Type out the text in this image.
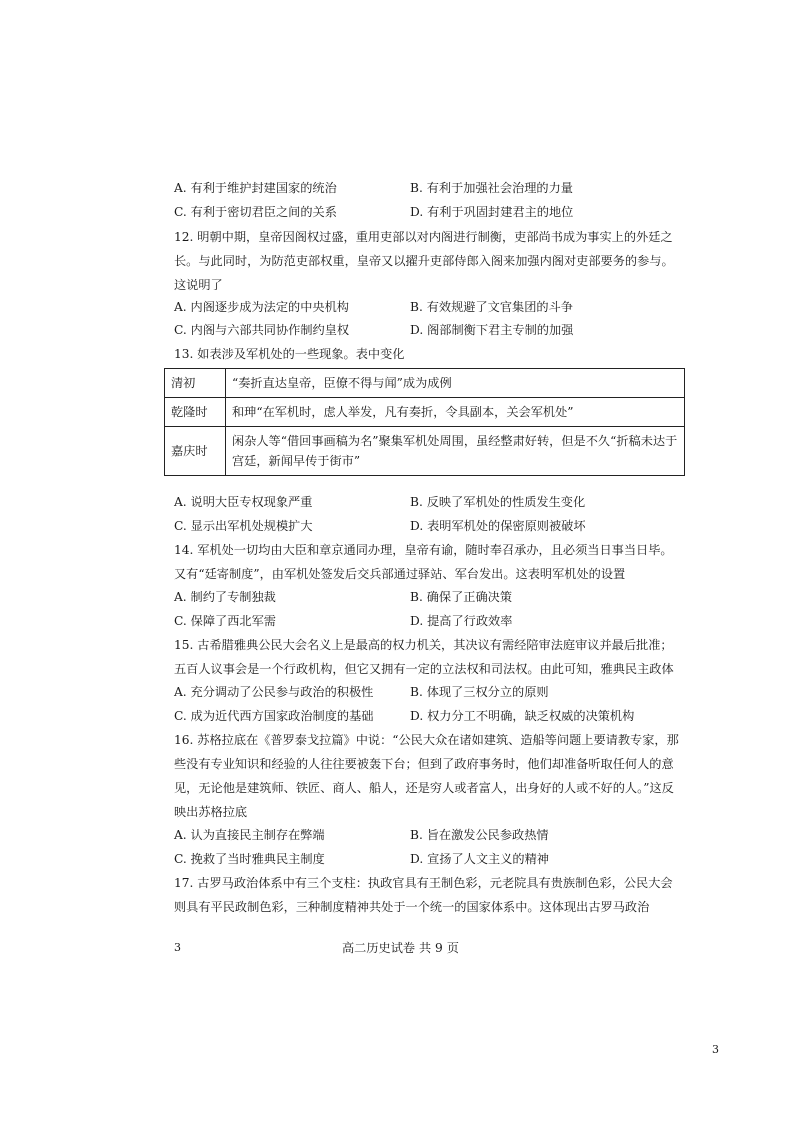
A. 有利于维护封建国家的统治	B. 有利于加强社会治理的力量
C. 有利于密切君臣之间的关系	D. 有利于巩固封建君主的地位
12. 明朝中期，皇帝因阁权过盛，重用吏部以对内阁进行制衡，吏部尚书成为事实上的外廷之
长。与此同时，为防范吏部权重，皇帝又以擢升吏部侍郎入阁来加强内阁对吏部要务的参与。
这说明了
A. 内阁逐步成为法定的中央机构	B. 有效规避了文官集团的斗争
C. 内阁与六部共同协作制约皇权	D. 阁部制衡下君主专制的加强
13. 如表涉及军机处的一些现象。表中变化
清初	“奏折直达皇帝，臣僚不得与闻”成为成例
乾隆时	和珅“在军机时，虑人举发，凡有奏折，令具副本，关会军机处”
嘉庆时	闲杂人等“借回事画稿为名”聚集军机处周围，虽经整肃好转，但是不久“折稿未达于宫廷，新闻早传于街市”
A. 说明大臣专权现象严重	B. 反映了军机处的性质发生变化
C. 显示出军机处规模扩大	D. 表明军机处的保密原则被破坏
14. 军机处一切均由大臣和章京通同办理，皇帝有谕，随时奉召承办，且必须当日事当日毕。
又有“廷寄制度”，由军机处签发后交兵部通过驿站、军台发出。这表明军机处的设置
A. 制约了专制独裁	B. 确保了正确决策
C. 保障了西北军需	D. 提高了行政效率
15. 古希腊雅典公民大会名义上是最高的权力机关，其决议有需经陪审法庭审议并最后批准；
五百人议事会是一个行政机构，但它又拥有一定的立法权和司法权。由此可知，雅典民主政体
A. 充分调动了公民参与政治的积极性	B. 体现了三权分立的原则
C. 成为近代西方国家政治制度的基础	D. 权力分工不明确，缺乏权威的决策机构
16. 苏格拉底在《普罗泰戈拉篇》中说：“公民大众在诸如建筑、造船等问题上要请教专家，那
些没有专业知识和经验的人往往要被轰下台；但到了政府事务时，他们却准备听取任何人的意
见，无论他是建筑师、铁匠、商人、船人，还是穷人或者富人，出身好的人或不好的人。”这反
映出苏格拉底
A. 认为直接民主制存在弊端	B. 旨在激发公民参政热情
C. 挽救了当时雅典民主制度	D. 宣扬了人文主义的精神
17. 古罗马政治体系中有三个支柱：执政官具有王制色彩，元老院具有贵族制色彩，公民大会
则具有平民政制色彩，三种制度精神共处于一个统一的国家体系中。这体现出古罗马政治
3	高二历史试卷 共 9 页
3
